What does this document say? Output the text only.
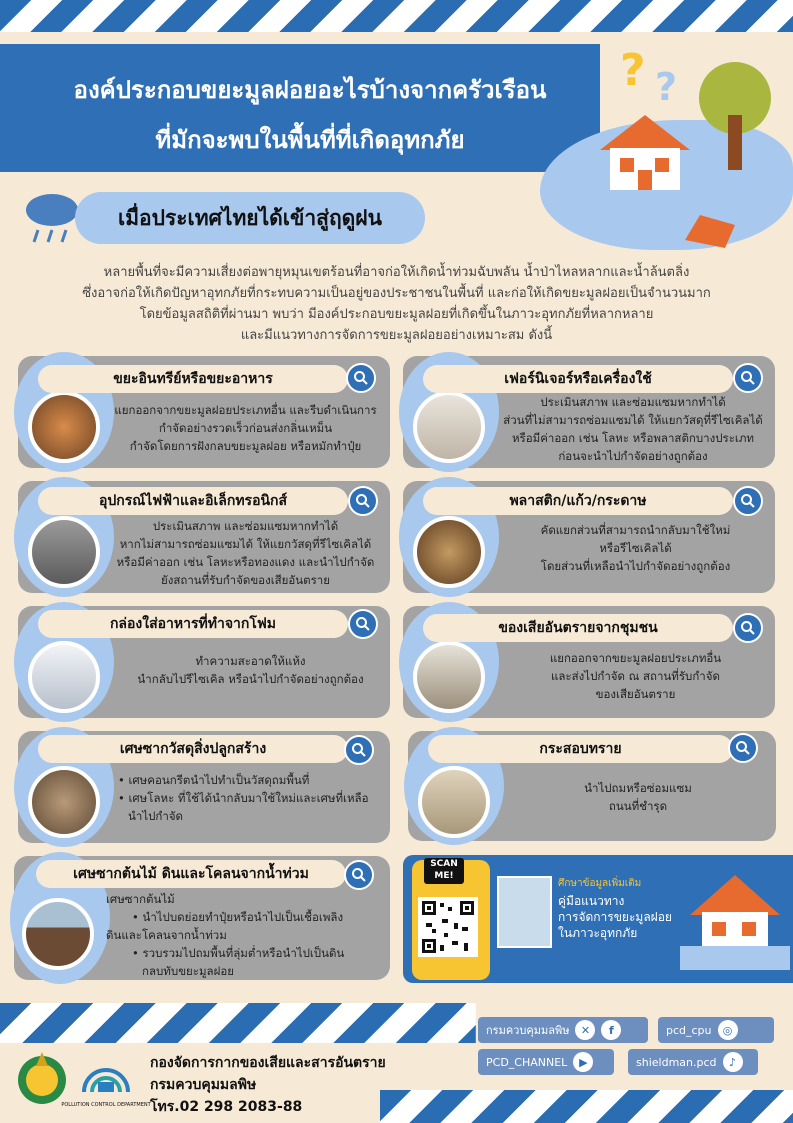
องค์ประกอบขยะมูลฝอยอะไรบ้างจากครัวเรือน
ที่มักจะพบในพื้นที่ที่เกิดอุทกภัย
? ?
เมื่อประเทศไทยได้เข้าสู่ฤดูฝน
หลายพื้นที่จะมีความเสี่ยงต่อพายุหมุนเขตร้อนที่อาจก่อให้เกิดน้ำท่วมฉับพลัน น้ำป่าไหลหลากและน้ำล้นตลิ่ง
ซึ่งอาจก่อให้เกิดปัญหาอุทกภัยที่กระทบความเป็นอยู่ของประชาชนในพื้นที่ และก่อให้เกิดขยะมูลฝอยเป็นจำนวนมาก
โดยข้อมูลสถิติที่ผ่านมา พบว่า มีองค์ประกอบขยะมูลฝอยที่เกิดขึ้นในภาวะอุทกภัยที่หลากหลาย
และมีแนวทางการจัดการขยะมูลฝอยอย่างเหมาะสม ดังนี้
ขยะอินทรีย์หรือขยะอาหาร
แยกออกจากขยะมูลฝอยประเภทอื่น และรีบดำเนินการ
กำจัดอย่างรวดเร็วก่อนส่งกลิ่นเหม็น
กำจัดโดยการฝังกลบขยะมูลฝอย หรือหมักทำปุ๋ย
เฟอร์นิเจอร์หรือเครื่องใช้
ประเมินสภาพ และซ่อมแซมหากทำได้
ส่วนที่ไม่สามารถซ่อมแซมได้ ให้แยกวัสดุที่รีไซเคิลได้
หรือมีค่าออก เช่น โลหะ หรือพลาสติกบางประเภท
ก่อนจะนำไปกำจัดอย่างถูกต้อง
อุปกรณ์ไฟฟ้าและอิเล็กทรอนิกส์
ประเมินสภาพ และซ่อมแซมหากทำได้
หากไม่สามารถซ่อมแซมได้ ให้แยกวัสดุที่รีไซเคิลได้
หรือมีค่าออก เช่น โลหะหรือทองแดง และนำไปกำจัด
ยังสถานที่รับกำจัดของเสียอันตราย
พลาสติก/แก้ว/กระดาษ
คัดแยกส่วนที่สามารถนำกลับมาใช้ใหม่
หรือรีไซเคิลได้
โดยส่วนที่เหลือนำไปกำจัดอย่างถูกต้อง
กล่องใส่อาหารที่ทำจากโฟม
ทำความสะอาดให้แห้ง
นำกลับไปรีไซเคิล หรือนำไปกำจัดอย่างถูกต้อง
ของเสียอันตรายจากชุมชน
แยกออกจากขยะมูลฝอยประเภทอื่น
และส่งไปกำจัด ณ สถานที่รับกำจัด
ของเสียอันตราย
เศษซากวัสดุสิ่งปลูกสร้าง
• เศษคอนกรีตนำไปทำเป็นวัสดุถมพื้นที่
• เศษโลหะ ที่ใช้ได้นำกลับมาใช้ใหม่และเศษที่เหลือ
นำไปกำจัด
กระสอบทราย
นำไปถมหรือซ่อมแซม
ถนนที่ชำรุด
เศษซากต้นไม้ ดินและโคลนจากน้ำท่วม
เศษซากต้นไม้
• นำไปบดย่อยทำปุ๋ยหรือนำไปเป็นเชื้อเพลิง
ดินและโคลนจากน้ำท่วม
• รวบรวมไปถมพื้นที่ลุ่มต่ำหรือนำไปเป็นดิน
กลบทับขยะมูลฝอย
SCAN ME!
ศึกษาข้อมูลเพิ่มเติม
คู่มือแนวทาง
การจัดการขยะมูลฝอย
ในภาวะอุทกภัย
กรมควบคุมมลพิษ	✕	f	pcd_cpu	◎
PCD_CHANNEL	▶	shieldman.pcd	♪
POLLUTION CONTROL DEPARTMENT
กองจัดการกากของเสียและสารอันตราย
กรมควบคุมมลพิษ
โทร.02 298 2083-88
